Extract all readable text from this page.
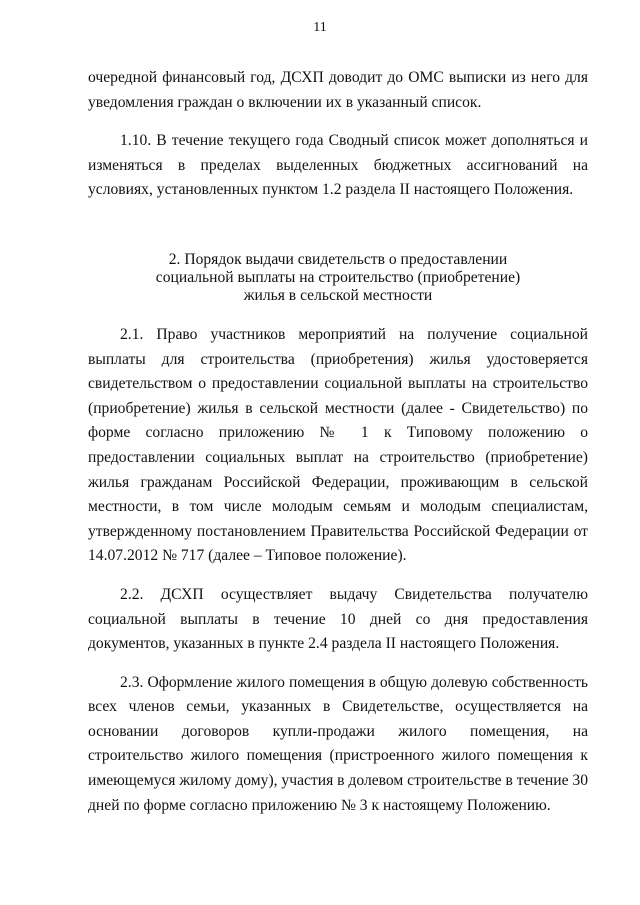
11

очередной финансовый год, ДСХП доводит до ОМС выписки из него для уведомления граждан о включении их в указанный список.

1.10. В течение текущего года Сводный список может дополняться и изменяться в пределах выделенных бюджетных ассигнований на условиях, установленных пунктом 1.2 раздела II настоящего Положения.

2. Порядок выдачи свидетельств о предоставлении
социальной выплаты на строительство (приобретение)
жилья в сельской местности

2.1. Право участников мероприятий на получение социальной выплаты для строительства (приобретения) жилья удостоверяется свидетельством о предоставлении социальной выплаты на строительство (приобретение) жилья в сельской местности (далее - Свидетельство) по форме согласно приложению № 1 к Типовому положению о предоставлении социальных выплат на строительство (приобретение) жилья гражданам Российской Федерации, проживающим в сельской местности, в том числе молодым семьям и молодым специалистам, утвержденному постановлением Правительства Российской Федерации от 14.07.2012 № 717 (далее – Типовое положение).

2.2. ДСХП осуществляет выдачу Свидетельства получателю социальной выплаты в течение 10 дней со дня предоставления документов, указанных в пункте 2.4 раздела II настоящего Положения.

2.3. Оформление жилого помещения в общую долевую собственность всех членов семьи, указанных в Свидетельстве, осуществляется на основании договоров купли-продажи жилого помещения, на строительство жилого помещения (пристроенного жилого помещения к имеющемуся жилому дому), участия в долевом строительстве в течение 30 дней по форме согласно приложению № 3 к настоящему Положению.
